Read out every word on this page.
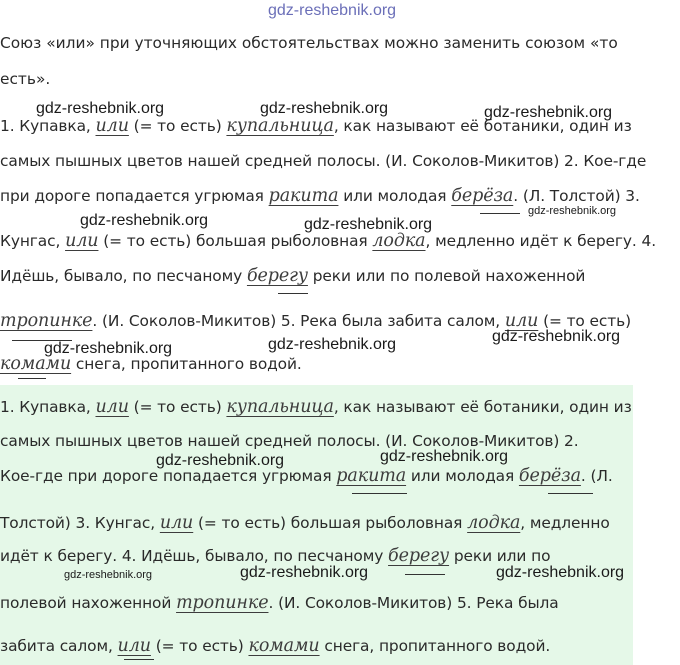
gdz-reshebnik.org
Союз «или» при уточняющих обстоятельствах можно заменить союзом «то
есть».
1. Купавка, или (= то есть) купальница, как называют её ботаники, один из
самых пышных цветов нашей средней полосы. (И. Соколов-Микитов) 2. Кое-где
при дороге попадается угрюмая ракита или молодая берёза. (Л. Толстой) 3.
Кунгас, или (= то есть) большая рыболовная лодка, медленно идёт к берегу. 4.
Идёшь, бывало, по песчаному берегу реки или по полевой нахоженной
тропинке. (И. Соколов-Микитов) 5. Река была забита салом, или (= то есть)
комами снега, пропитанного водой.
1. Купавка, или (= то есть) купальница, как называют её ботаники, один из
самых пышных цветов нашей средней полосы. (И. Соколов-Микитов) 2.
Кое-где при дороге попадается угрюмая ракита или молодая берёза. (Л.
Толстой) 3. Кунгас, или (= то есть) большая рыболовная лодка, медленно
идёт к берегу. 4. Идёшь, бывало, по песчаному берегу реки или по
полевой нахоженной тропинке. (И. Соколов-Микитов) 5. Река была
забита салом, или (= то есть) комами снега, пропитанного водой.
gdz-reshebnik.org	gdz-reshebnik.org	gdz-reshebnik.org
gdz-reshebnik.org	gdz-reshebnik.org
gdz-reshebnik.org
gdz-reshebnik.org	gdz-reshebnik.org	gdz-reshebnik.org
gdz-reshebnik.org	gdz-reshebnik.org
gdz-reshebnik.org	gdz-reshebnik.org	gdz-reshebnik.org
